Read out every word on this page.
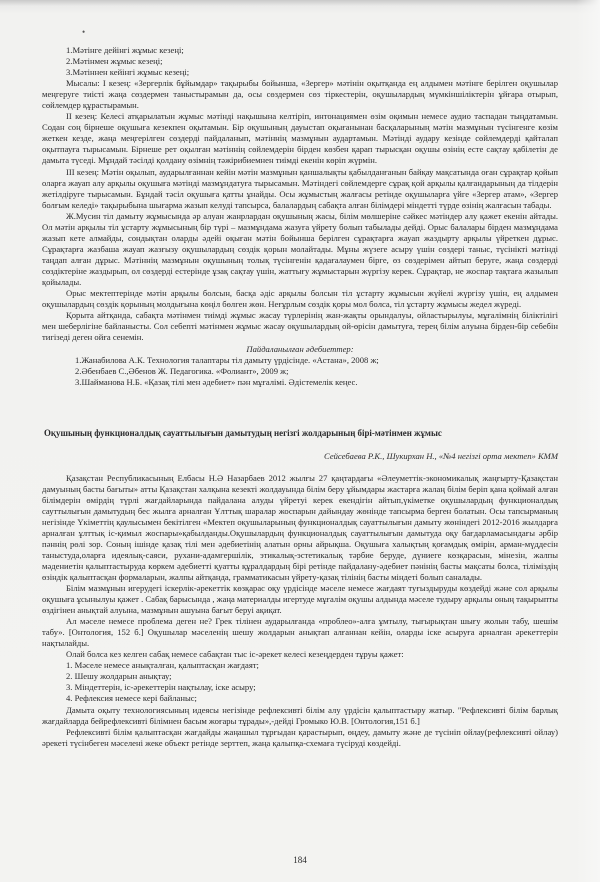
•

1.Мәтінге дейінгі жұмыс кезеңі;

2.Мәтінмен жұмыс кезеңі;

3.Мәтіннен кейінгі жұмыс кезеңі;

Мысалы: I кезең: «Зергерлік бұйымдар» тақырыбы бойынша, «Зергер» мәтінін оқытқанда ең алдымен мәтінге берілген оқушылар меңгеруге тиісті жаңа сөздермен таныстырамын да, осы сөздермен сөз тіркестерін, оқушылардың мүмкіншіліктерін ұйғара отырып, сөйлемдер құрастырамын.

II кезең: Келесі атқарылатын жұмыс мәтінді нақышына келтіріп, интонациямен өзім оқимын немесе аудио таспадан тыңдатамын. Содан соң бірнеше оқушыға кезекпен оқытамын. Бір оқушының дауыстап оқығанынан басқаларының мәтін мазмұнын түсінгенге көзім жеткен кезде, жаңа меңгерілген сөздерді пайдаланып, мәтіннің мазмұнын аудартамын. Мәтінді аудару кезінде сөйлемдерді қайталап оқытпауға тырысамын. Бірнеше рет оқылған мәтіннің сөйлемдерін бірден көзбен қарап тырысқан оқушы өзінің есте сақтау қабілетін де дамыта түседі. Мұндай тәсілді қолдану өзімнің тәжірибиемнен тиімді екенін көріп жүрмін.

III кезең: Мәтін оқылып, аударылғаннан кейін мәтін мазмұнын қаншалықты қабылданғанын байқау мақсатында оған сұрақтар қойып оларға жауап алу арқылы оқушыға мәтінді мазмұндатуға тырысамын. Мәтіндегі сөйлемдерге сұрақ қой арқылы қалғандарының да тілдерін жетілдіруге тырысамын. Бұндай тәсіл оқушыға қатты ұнайды. Осы жұмыстың жалғасы ретінде оқушыларға үйге «Зергер атам», «Зергер болғым келеді» тақырыбына шығарма жазып келуді тапсырса, балалардың сабақта алған білімдері міндетті түрде өзінің жалғасын табады.

Ж.Мусин тіл дамыту жұмысында әр алуан жанрлардан оқушының жасы, білім мөлшеріне сәйкес мәтіндер алу қажет екенін айтады. Ол мәтін арқылы тіл ұстарту жұмысының бір түрі – мазмұндама жазуға үйрету болып табылады дейді. Орыс балалары бірден мазмұндама жазып кете алмайды, сондықтан оларды әдейі оқыған мәтін бойынша берілген сұрақтарға жауап жаздырту арқылы үйреткен дұрыс. Сұрақтарға жазбаша жауап жазғызу оқушылардың сөздік қорын молайтады. Мұны жүзеге асыру үшін сөздері таныс, түсінікті мәтінді таңдап алған дұрыс. Мәтіннің мазмұнын оқушының толық түсінгенін қадағалаумен бірге, өз сөздерімен айтып беруге, жаңа сөздерді сөздіктеріне жаздырып, ол сөздерді естерінде ұзақ сақтау үшін, жаттығу жұмыстарын жүргізу керек. Сұрақтар, не жоспар тақтаға жазылып қойылады.

Орыс мектептерінде мәтін арқылы болсын, басқа әдіс арқылы болсын тіл ұстарту жұмысын жүйелі жүргізу үшін, ең алдымен оқушылардың сөздік қорының молдығына көңіл бөлген жөн. Неғұрлым сөздік қоры мол болса, тіл ұстарту жұмысы жедел жүреді.

Қорыта айтқанда, сабақта мәтінмен тиімді жұмыс жасау түрлерінің жан-жақты орындалуы, ойластырылуы, мұғалімнің біліктілігі мен шеберлігіне байланысты. Сол себепті мәтінмен жұмыс жасау оқушылардың ой-өрісін дамытуға, терең білім алуына бірден-бір себебін тигізеді деген ойға сенемін.

Пайдаланылған әдебиеттер:

1.Жанабилова А.К. Технология талаптары тіл дамыту үрдісінде. «Астана», 2008 ж;

2.Әбенбаев С.,Әбенов Ж. Педагогика. «Фолиант», 2009 ж;

3.Шайманова Н.Б. «Қазақ тілі мен әдебиет» пән мұғалімі. Әдістемелік кеңес.

Оқушының функционалдық сауаттылығын дамытудың негізгі жолдарының бірі-мәтінмен жұмыс

Сейсебаева Р.К., Шукирхан Н., «№4 негізгі орта мектеп» КММ

Қазақстан Республикасының Елбасы Н.Ә Назарбаев 2012 жылғы 27 қаңтардағы «Әлеуметтік-экономикалық жаңғырту-Қазақстан дамуының басты бағыты» атты Қазақстан халқына кезекті жолдауында білім беру ұйымдары жастарға жалаң білім беріп қана қоймай алған білімдерін өмірдің түрлі жағдайларында пайдалана алуды үйретуі керек екендігін айтып,үкіметке оқушылардың функционалдық сауттылығын дамытудың бес жылға арналған Ұлттық шаралар жоспарын дайындау жөнінде тапсырма берген болатын. Осы тапсырманың негізінде Үкіметтің қаулысымен бекітілген «Мектеп оқушыларының функционалдық сауаттылығын дамыту жөніндегі 2012-2016 жылдарға арналған ұлттық іс-қимыл жоспары»қабылданды.Оқушылардың функционалдық сауаттылығын дамытуда оқу бағдарламасындағы әрбір пәннің рөлі зор. Соның ішінде қазақ тілі мен әдебиетінің алатын орны айрықша. Оқушыға халықтың қоғамдық өмірін, арман-мүддесін таныстуда,оларға идеялық-саяси, рухани-адамгершілік, этикалық-эстетикалық тәрбие беруде, дүниеге көзқарасын, мінезін, жалпы мәдениетін қалыптастыруда көркем әдебиетті қуатты құралдардың бірі ретінде пайдалану-әдебиет пәнінің басты мақсаты болса, тіліміздің өзіндік қалыптасқан формаларын, жалпы айтқанда, грамматикасын үйрету-қазақ тілінің басты міндеті болып саналады.

Білім мазмұнын игерудегі іскерлік-әрекеттік көзқарас оқу үрдісінде мәселе немесе жағдаят туғыздыруды көздейді және сол арқылы оқушыға ұсынылуы қажет . Сабақ барысында , жаңа материалды игертуде мұғалім оқушы алдында мәселе тудыру арқылы оның тақырыпты өздігінен анықтай алуына, мазмұнын ашуына бағыт беруі ақиқат.

Ал мәселе немесе проблема деген не? Грек тілінен аударылғанда «проблео»-алға ұмтылу, тығырықтан шығу жолын табу, шешім табу». [Онтология, 152 б.] Оқушылар мәселенің шешу жолдарын анықтап алғаннан кейін, оларды іске асыруға арналған әрекеттерін нақтылайды.

Олай болса кез келген сабақ немесе сабақтан тыс іс-әрекет келесі кезеңдерден тұруы қажет:

1. Мәселе немесе анықталған, қалыптасқан жағдаят;

2. Шешу жолдарын анықтау;

3. Міндеттерін, іс-әрекеттерін нақтылау, іске асыру;

4. Рефлексия немесе кері байланыс;

Дамыта оқыту технологиясының идеясы негізінде рефлексивті білім алу үрдісін қалыптастыру жатыр. "Рефлексивті білім барлық жағдайларда бейрефлексивті білімнен басым жоғары тұрады»,-дейді Громыко Ю.В. [Онтология,151 б.]

Рефлексивті білім қалыптасқан жағдайды жаңашыл тұрғыдан қарастырып, өңдеу, дамыту және де түсініп ойлау(рефлексивті ойлау) әрекеті түсінбеген мәселені жеке объект ретінде зерттеп, жаңа қалыпқа-схемаға түсіруді көздейді.

184
